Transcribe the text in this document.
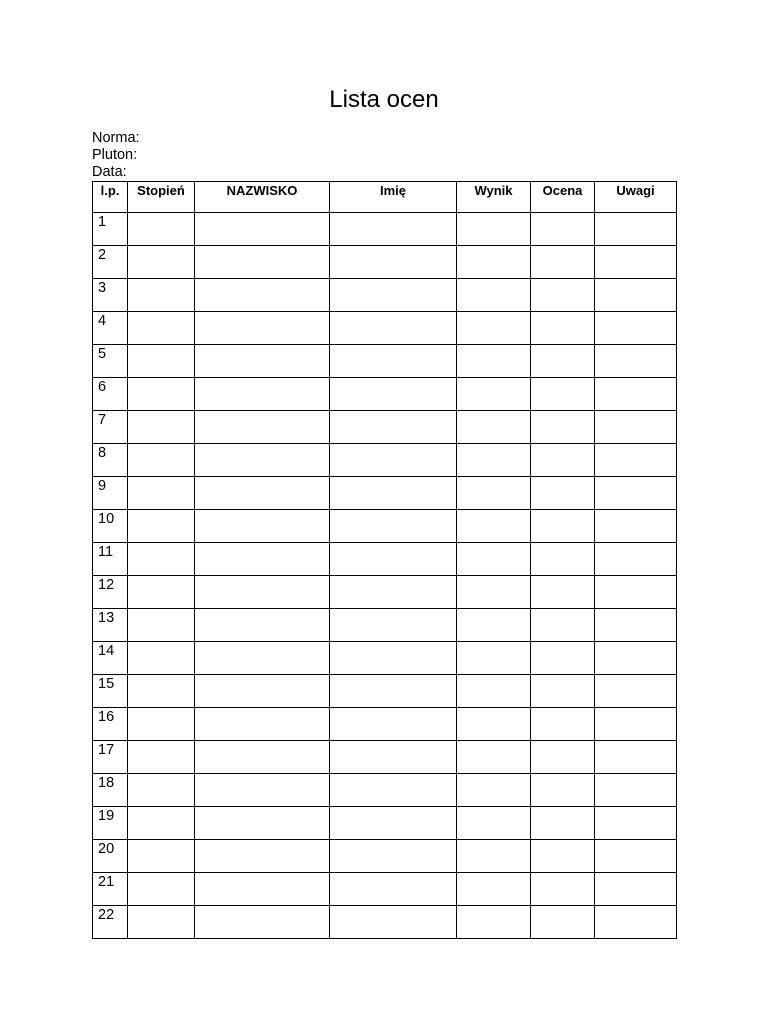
Lista ocen
Norma:
Pluton:
Data:
l.p.	Stopień	NAZWISKO	Imię	Wynik	Ocena	Uwagi
1						
2						
3						
4						
5						
6						
7						
8						
9						
10						
11						
12						
13						
14						
15						
16						
17						
18						
19						
20						
21						
22						
